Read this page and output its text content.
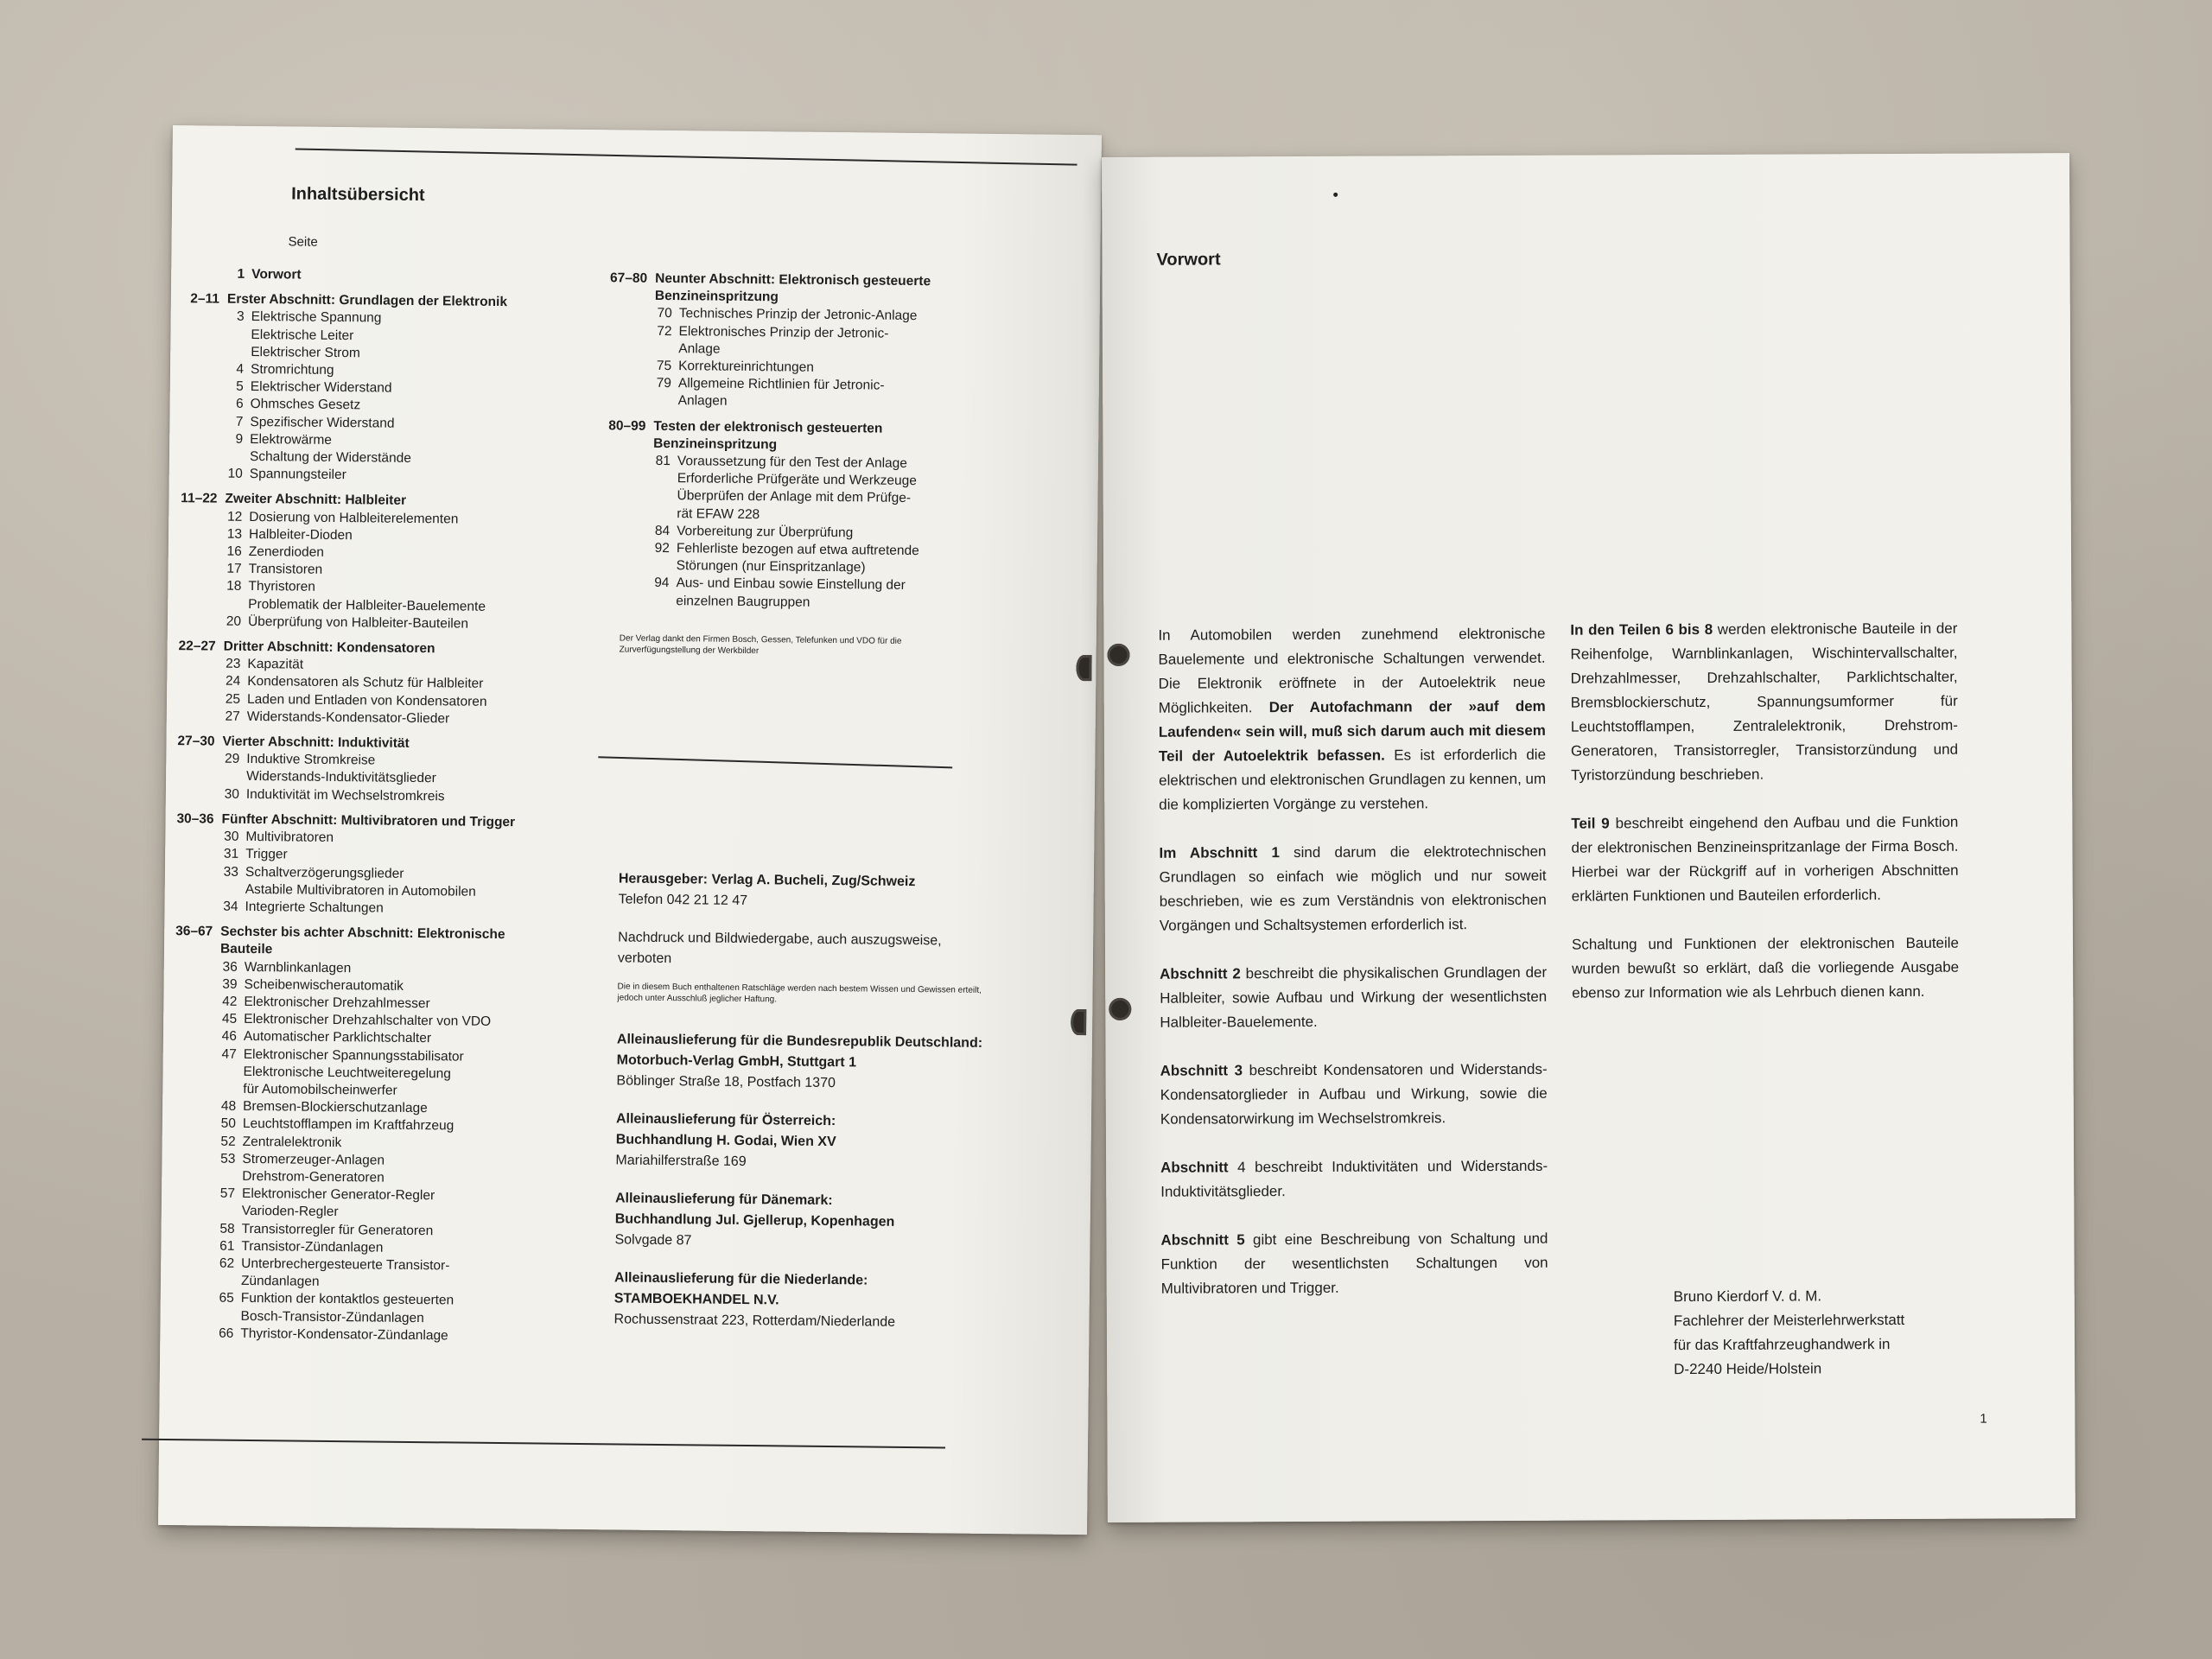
Inhaltsübersicht
Seite
1 Vorwort
2–11 Erster Abschnitt: Grundlagen der Elektronik
3 Elektrische Spannung
Elektrische Leiter
Elektrischer Strom
4 Stromrichtung
5 Elektrischer Widerstand
6 Ohmsches Gesetz
7 Spezifischer Widerstand
9 Elektrowärme
Schaltung der Widerstände
10 Spannungsteiler
11–22 Zweiter Abschnitt: Halbleiter
12 Dosierung von Halbleiterelementen
13 Halbleiter-Dioden
16 Zenerdioden
17 Transistoren
18 Thyristoren
Problematik der Halbleiter-Bauelemente
20 Überprüfung von Halbleiter-Bauteilen
22–27 Dritter Abschnitt: Kondensatoren
23 Kapazität
24 Kondensatoren als Schutz für Halbleiter
25 Laden und Entladen von Kondensatoren
27 Widerstands-Kondensator-Glieder
27–30 Vierter Abschnitt: Induktivität
29 Induktive Stromkreise
Widerstands-Induktivitätsglieder
30 Induktivität im Wechselstromkreis
30–36 Fünfter Abschnitt: Multivibratoren und Trigger
30 Multivibratoren
31 Trigger
33 Schaltverzögerungsglieder
Astabile Multivibratoren in Automobilen
34 Integrierte Schaltungen
36–67 Sechster bis achter Abschnitt: Elektronische Bauteile
36 Warnblinkanlagen
39 Scheibenwischerautomatik
42 Elektronischer Drehzahlmesser
45 Elektronischer Drehzahlschalter von VDO
46 Automatischer Parklichtschalter
47 Elektronischer Spannungsstabilisator
Elektronische Leuchtweiteregelung
für Automobilscheinwerfer
48 Bremsen-Blockierschutzanlage
50 Leuchtstofflampen im Kraftfahrzeug
52 Zentralelektronik
53 Stromerzeuger-Anlagen
Drehstrom-Generatoren
57 Elektronischer Generator-Regler
Varioden-Regler
58 Transistorregler für Generatoren
61 Transistor-Zündanlagen
62 Unterbrechergesteuerte Transistor-
Zündanlagen
65 Funktion der kontaktlos gesteuerten
Bosch-Transistor-Zündanlagen
66 Thyristor-Kondensator-Zündanlage
67–80 Neunter Abschnitt: Elektronisch gesteuerte Benzineinspritzung
70 Technisches Prinzip der Jetronic-Anlage
72 Elektronisches Prinzip der Jetronic-
Anlage
75 Korrektureinrichtungen
79 Allgemeine Richtlinien für Jetronic-
Anlagen
80–99 Testen der elektronisch gesteuerten Benzineinspritzung
81 Voraussetzung für den Test der Anlage
Erforderliche Prüfgeräte und Werkzeuge
Überprüfen der Anlage mit dem Prüfge-
rät EFAW 228
84 Vorbereitung zur Überprüfung
92 Fehlerliste bezogen auf etwa auftretende
Störungen (nur Einspritzanlage)
94 Aus- und Einbau sowie Einstellung der
einzelnen Baugruppen
Der Verlag dankt den Firmen Bosch, Gessen, Telefunken und VDO für die Zurverfügungstellung der Werkbilder
Herausgeber: Verlag A. Bucheli, Zug/Schweiz
Telefon 042 21 12 47
Nachdruck und Bildwiedergabe, auch auszugsweise, verboten
Die in diesem Buch enthaltenen Ratschläge werden nach bestem Wissen und Gewissen erteilt, jedoch unter Ausschluß jeglicher Haftung.
Alleinauslieferung für die Bundesrepublik Deutschland:
Motorbuch-Verlag GmbH, Stuttgart 1
Böblinger Straße 18, Postfach 1370
Alleinauslieferung für Österreich:
Buchhandlung H. Godai, Wien XV
Mariahilferstraße 169
Alleinauslieferung für Dänemark:
Buchhandlung Jul. Gjellerup, Kopenhagen
Solvgade 87
Alleinauslieferung für die Niederlande:
STAMBOEKHANDEL N.V.
Rochussenstraat 223, Rotterdam/Niederlande
Vorwort

In Automobilen werden zunehmend elektronische Bauelemente und elektronische Schaltungen verwendet. Die Elektronik eröffnete in der Autoelektrik neue Möglichkeiten. Der Autofachmann der »auf dem Laufenden« sein will, muß sich darum auch mit diesem Teil der Autoelektrik befassen. Es ist erforderlich die elektrischen und elektronischen Grundlagen zu kennen, um die komplizierten Vorgänge zu verstehen.

Im Abschnitt 1 sind darum die elektrotechnischen Grundlagen so einfach wie möglich und nur soweit beschrieben, wie es zum Verständnis von elektronischen Vorgängen und Schaltsystemen erforderlich ist.

Abschnitt 2 beschreibt die physikalischen Grundlagen der Halbleiter, sowie Aufbau und Wirkung der wesentlichsten Halbleiter-Bauelemente.

Abschnitt 3 beschreibt Kondensatoren und Widerstands-Kondensatorglieder in Aufbau und Wirkung, sowie die Kondensatorwirkung im Wechselstromkreis.

Abschnitt 4 beschreibt Induktivitäten und Widerstands-Induktivitätsglieder.

Abschnitt 5 gibt eine Beschreibung von Schaltung und Funktion der wesentlichsten Schaltungen von Multivibratoren und Trigger.

In den Teilen 6 bis 8 werden elektronische Bauteile in der Reihenfolge, Warnblinkanlagen, Wischintervallschalter, Drehzahlmesser, Drehzahlschalter, Parklichtschalter, Bremsblockierschutz, Spannungsumformer für Leuchtstofflampen, Zentralelektronik, Drehstrom-Generatoren, Transistorregler, Transistorzündung und Tyristorzündung beschrieben.

Teil 9 beschreibt eingehend den Aufbau und die Funktion der elektronischen Benzineinspritzanlage der Firma Bosch. Hierbei war der Rückgriff auf in vorherigen Abschnitten erklärten Funktionen und Bauteilen erforderlich.

Schaltung und Funktionen der elektronischen Bauteile wurden bewußt so erklärt, daß die vorliegende Ausgabe ebenso zur Information wie als Lehrbuch dienen kann.

Bruno Kierdorf V. d. M.
Fachlehrer der Meisterlehrwerkstatt
für das Kraftfahrzeughandwerk in
D-2240 Heide/Holstein
1
